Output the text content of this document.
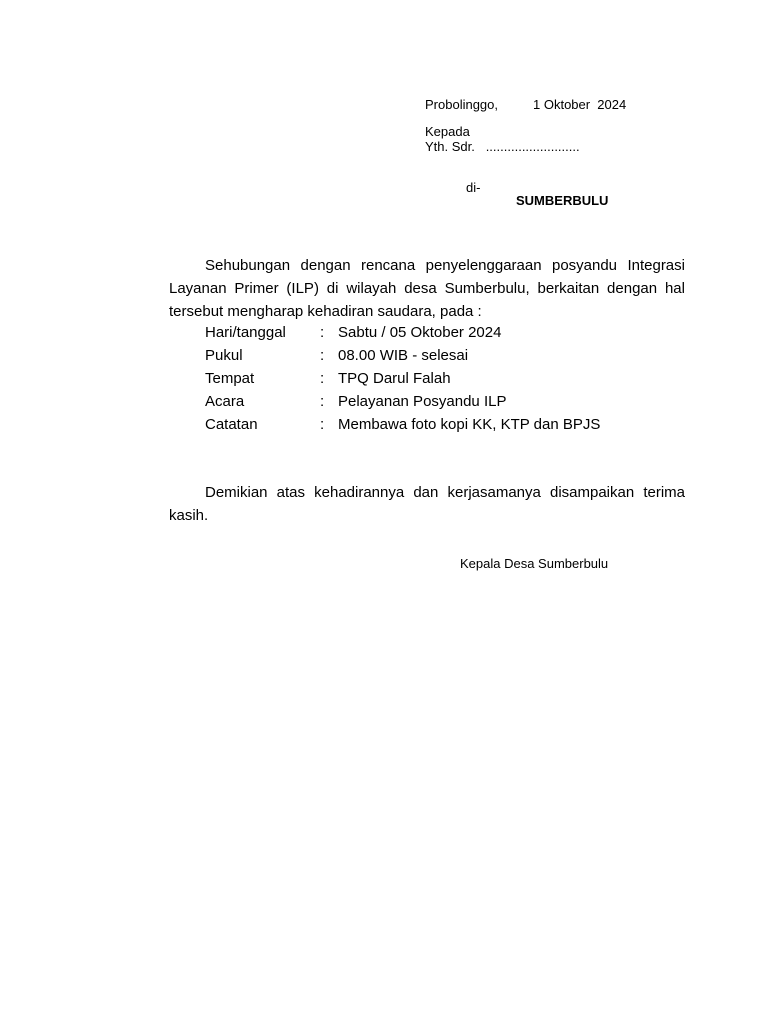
Probolinggo,	1 Oktober  2024
Kepada
Yth. Sdr.   ..........................
di-
SUMBERBULU
Sehubungan dengan rencana penyelenggaraan posyandu Integrasi Layanan Primer (ILP) di wilayah desa Sumberbulu, berkaitan dengan hal tersebut mengharap kehadiran saudara, pada :
Hari/tanggal : Sabtu / 05 Oktober 2024
Pukul	: 08.00 WIB - selesai
Tempat	: TPQ Darul Falah
Acara	: Pelayanan Posyandu ILP
Catatan	: Membawa foto kopi KK, KTP dan BPJS
Demikian atas kehadirannya dan kerjasamanya disampaikan terima kasih.
Kepala Desa Sumberbulu
